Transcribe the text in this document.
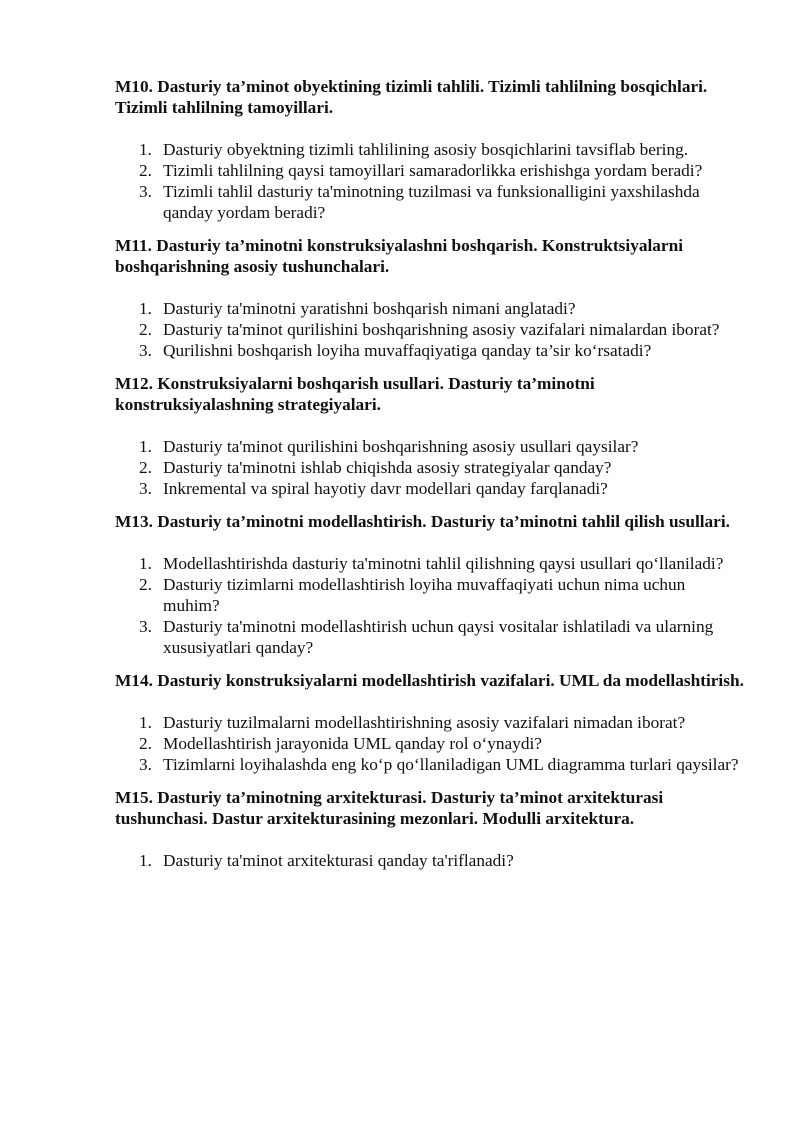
M10. Dasturiy ta’minot obyektining tizimli tahlili. Tizimli tahlilning bosqichlari. Tizimli tahlilning tamoyillari.

1. Dasturiy obyektning tizimli tahlilining asosiy bosqichlarini tavsiflab bering.
2. Tizimli tahlilning qaysi tamoyillari samaradorlikka erishishga yordam beradi?
3. Tizimli tahlil dasturiy ta'minotning tuzilmasi va funksionalligini yaxshilashda qanday yordam beradi?

M11. Dasturiy ta’minotni konstruksiyalashni boshqarish. Konstruktsiyalarni boshqarishning asosiy tushunchalari.

1. Dasturiy ta'minotni yaratishni boshqarish nimani anglatadi?
2. Dasturiy ta'minot qurilishini boshqarishning asosiy vazifalari nimalardan iborat?
3. Qurilishni boshqarish loyiha muvaffaqiyatiga qanday ta’sir ko‘rsatadi?

M12. Konstruksiyalarni boshqarish usullari. Dasturiy ta’minotni konstruksiyalashning strategiyalari.

1. Dasturiy ta'minot qurilishini boshqarishning asosiy usullari qaysilar?
2. Dasturiy ta'minotni ishlab chiqishda asosiy strategiyalar qanday?
3. Inkremental va spiral hayotiy davr modellari qanday farqlanadi?

M13. Dasturiy ta’minotni modellashtirish. Dasturiy ta’minotni tahlil qilish usullari.

1. Modellashtirishda dasturiy ta'minotni tahlil qilishning qaysi usullari qo‘llaniladi?
2. Dasturiy tizimlarni modellashtirish loyiha muvaffaqiyati uchun nima uchun muhim?
3. Dasturiy ta'minotni modellashtirish uchun qaysi vositalar ishlatiladi va ularning xususiyatlari qanday?

M14. Dasturiy konstruksiyalarni modellashtirish vazifalari. UML da modellashtirish.

1. Dasturiy tuzilmalarni modellashtirishning asosiy vazifalari nimadan iborat?
2. Modellashtirish jarayonida UML qanday rol o‘ynaydi?
3. Tizimlarni loyihalashda eng ko‘p qo‘llaniladigan UML diagramma turlari qaysilar?

M15. Dasturiy ta’minotning arxitekturasi. Dasturiy ta’minot arxitekturasi tushunchasi. Dastur arxitekturasining mezonlari. Modulli arxitektura.

1. Dasturiy ta'minot arxitekturasi qanday ta'riflanadi?
